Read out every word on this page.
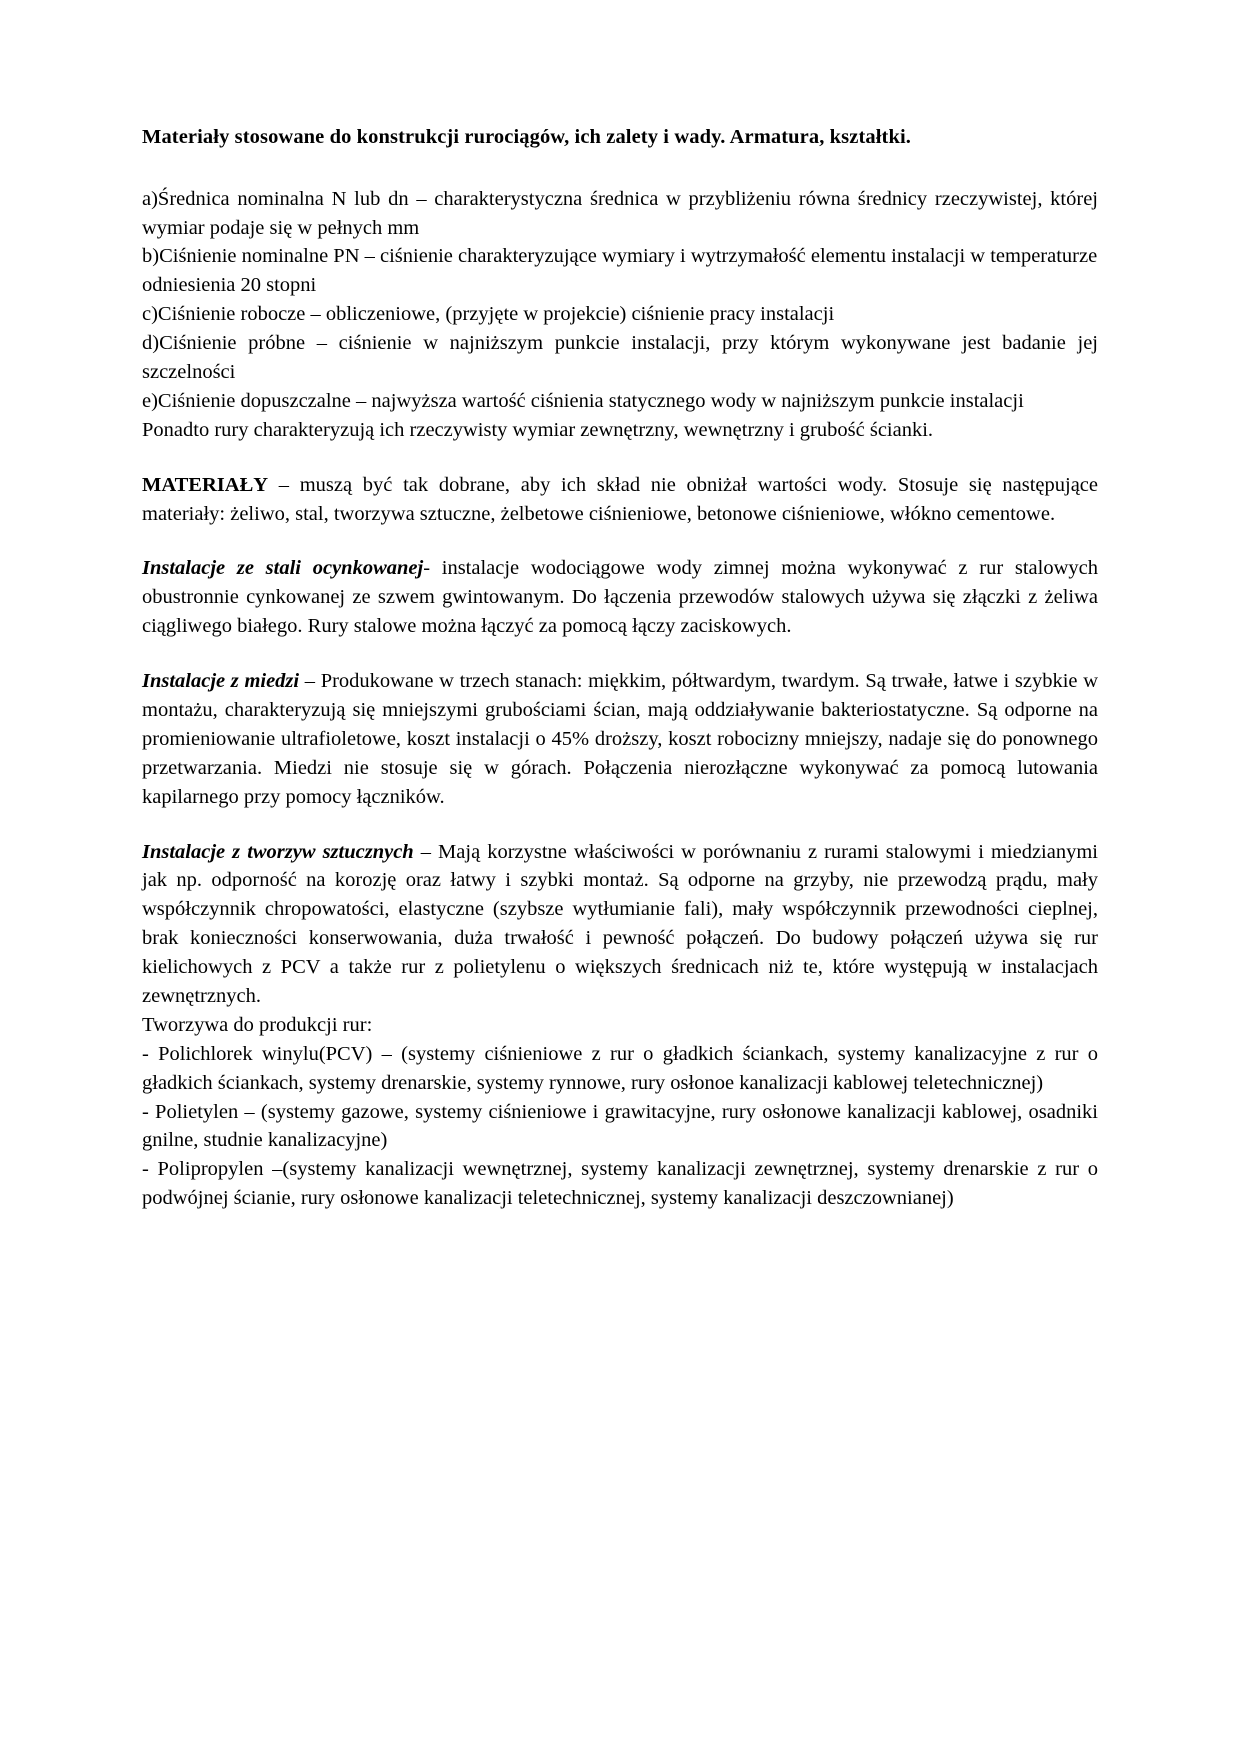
Materiały stosowane do konstrukcji rurociągów, ich zalety i wady. Armatura, kształtki.

a)Średnica nominalna N lub dn – charakterystyczna średnica w przybliżeniu równa średnicy rzeczywistej, której wymiar podaje się w pełnych mm

b)Ciśnienie nominalne PN – ciśnienie charakteryzujące wymiary i wytrzymałość elementu instalacji w temperaturze odniesienia 20 stopni

c)Ciśnienie robocze – obliczeniowe, (przyjęte w projekcie) ciśnienie pracy instalacji

d)Ciśnienie próbne – ciśnienie w najniższym punkcie instalacji, przy którym wykonywane jest badanie jej szczelności

e)Ciśnienie dopuszczalne – najwyższa wartość ciśnienia statycznego wody w najniższym punkcie instalacji

Ponadto rury charakteryzują ich rzeczywisty wymiar zewnętrzny, wewnętrzny i grubość ścianki.

MATERIAŁY – muszą być tak dobrane, aby ich skład nie obniżał wartości wody. Stosuje się następujące materiały: żeliwo, stal, tworzywa sztuczne, żelbetowe ciśnieniowe, betonowe ciśnieniowe, włókno cementowe.

Instalacje ze stali ocynkowanej- instalacje wodociągowe wody zimnej można wykonywać z rur stalowych obustronnie cynkowanej ze szwem gwintowanym. Do łączenia przewodów stalowych używa się złączki z żeliwa ciągliwego białego. Rury stalowe można łączyć za pomocą łączy zaciskowych.

Instalacje z miedzi – Produkowane w trzech stanach: miękkim, półtwardym, twardym. Są trwałe, łatwe i szybkie w montażu, charakteryzują się mniejszymi grubościami ścian, mają oddziaływanie bakteriostatyczne. Są odporne na promieniowanie ultrafioletowe, koszt instalacji o 45% droższy, koszt robocizny mniejszy, nadaje się do ponownego przetwarzania. Miedzi nie stosuje się w górach. Połączenia nierozłączne wykonywać za pomocą lutowania kapilarnego przy pomocy łączników.

Instalacje z tworzyw sztucznych – Mają korzystne właściwości w porównaniu z rurami stalowymi i miedzianymi jak np. odporność na korozję oraz łatwy i szybki montaż. Są odporne na grzyby, nie przewodzą prądu, mały współczynnik chropowatości, elastyczne (szybsze wytłumianie fali), mały współczynnik przewodności cieplnej, brak konieczności konserwowania, duża trwałość i pewność połączeń. Do budowy połączeń używa się rur kielichowych z PCV a także rur z polietylenu o większych średnicach niż te, które występują w instalacjach zewnętrznych.

Tworzywa do produkcji rur:

- Polichlorek winylu(PCV) – (systemy ciśnieniowe z rur o gładkich ściankach, systemy kanalizacyjne z rur o gładkich ściankach, systemy drenarskie, systemy rynnowe, rury osłonoe kanalizacji kablowej teletechnicznej)

- Polietylen – (systemy gazowe, systemy ciśnieniowe i grawitacyjne, rury osłonowe kanalizacji kablowej, osadniki gnilne, studnie kanalizacyjne)

- Polipropylen –(systemy kanalizacji wewnętrznej, systemy kanalizacji zewnętrznej, systemy drenarskie z rur o podwójnej ścianie, rury osłonowe kanalizacji teletechnicznej, systemy kanalizacji deszczownianej)
